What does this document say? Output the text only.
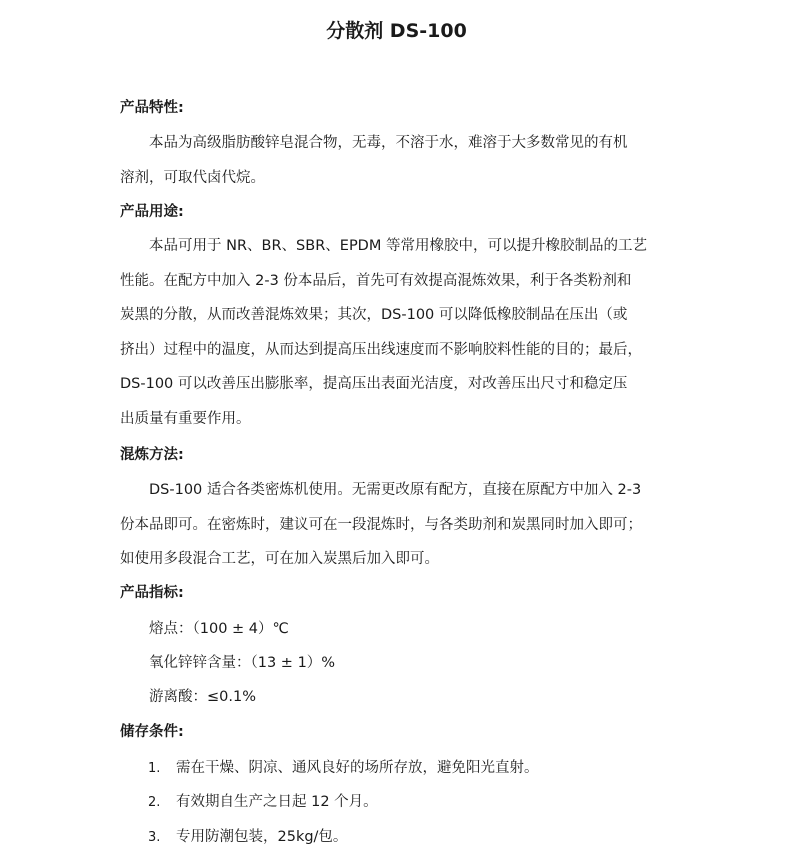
分散剂 DS-100
产品特性:

本品为高级脂肪酸锌皂混合物，无毒，不溶于水，难溶于大多数常见的有机
溶剂，可取代卤代烷。

产品用途:

本品可用于 NR、BR、SBR、EPDM 等常用橡胶中，可以提升橡胶制品的工艺
性能。在配方中加入 2-3 份本品后，首先可有效提高混炼效果，利于各类粉剂和
炭黑的分散，从而改善混炼效果；其次，DS-100 可以降低橡胶制品在压出（或
挤出）过程中的温度，从而达到提高压出线速度而不影响胶料性能的目的；最后，
DS-100 可以改善压出膨胀率，提高压出表面光洁度，对改善压出尺寸和稳定压
出质量有重要作用。

混炼方法:

DS-100 适合各类密炼机使用。无需更改原有配方，直接在原配方中加入 2-3
份本品即可。在密炼时，建议可在一段混炼时，与各类助剂和炭黑同时加入即可；
如使用多段混合工艺，可在加入炭黑后加入即可。

产品指标:
熔点：（100 ± 4）℃
氧化锌锌含量：（13 ± 1）%
游离酸：≤0.1%
储存条件:
1. 需在干燥、阴凉、通风良好的场所存放，避免阳光直射。
2. 有效期自生产之日起 12 个月。
3. 专用防潮包装，25kg/包。
